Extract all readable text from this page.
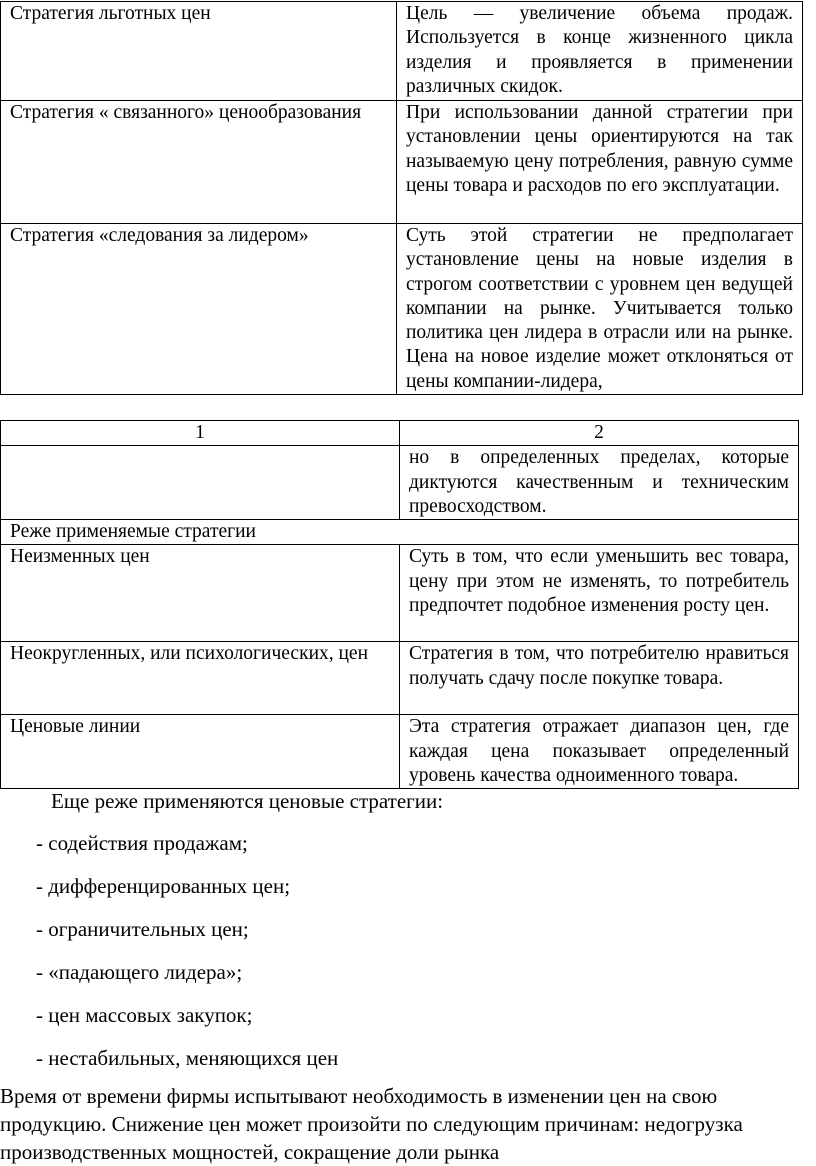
Стратегия льготных цен	Цель — увеличение объема продаж. Используется в конце жизненного цикла изделия и проявляется в применении различных скидок.
Стратегия « связанного» ценообразования	При использовании данной стратегии при установлении цены ориентируются на так называемую цену потребления, равную сумме цены товара и расходов по его эксплуатации.
Стратегия «следования за лидером»	Суть этой стратегии не предполагает установление цены на новые изделия в строгом соответствии с уровнем цен ведущей компании на рынке. Учитывается только политика цен лидера в отрасли или на рынке. Цена на новое изделие может отклоняться от цены компании-лидера,
1	2
	но в определенных пределах, которые диктуются качественным и техническим превосходством.
Реже применяемые стратегии	
Неизменных цен	Суть в том, что если уменьшить вес товара, цену при этом не изменять, то потребитель предпочтет подобное изменения росту цен.
Неокругленных, или психологических, цен	Стратегия в том, что потребителю нравиться получать сдачу после покупке товара.
Ценовые линии	Эта стратегия отражает диапазон цен, где каждая цена показывает определенный уровень качества одноименного товара.

Еще реже применяются ценовые стратегии:

- содействия продажам;
- дифференцированных цен;
- ограничительных цен;
- «падающего лидера»;
- цен массовых закупок;
- нестабильных, меняющихся цен

Время от времени фирмы испытывают необходимость в изменении цен на свою продукцию. Снижение цен может произойти по следующим причинам: недогрузка производственных мощностей, сокращение доли рынка
